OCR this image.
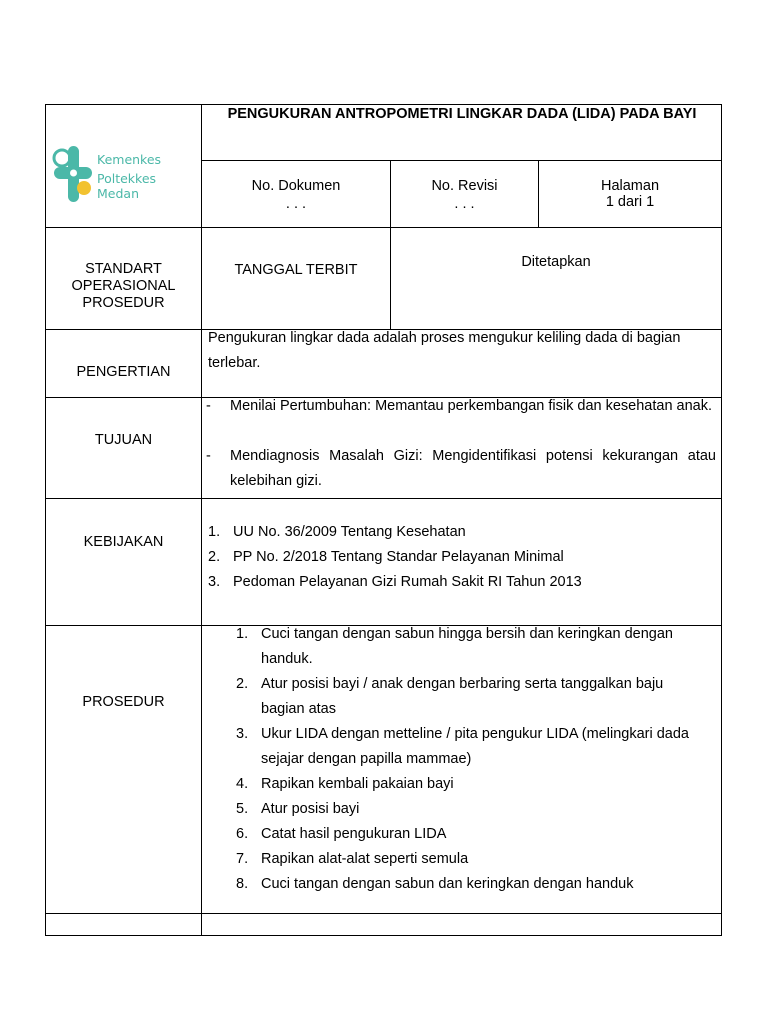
Kemenkes
Poltekkes Medan
PENGUKURAN ANTROPOMETRI LINGKAR DADA (LIDA) PADA BAYI
No. Dokumen
. . .
No. Revisi
. . .
Halaman
1 dari 1
STANDART
OPERASIONAL
PROSEDUR
TANGGAL TERBIT	Ditetapkan
PENGERTIAN
Pengukuran lingkar dada adalah proses mengukur keliling dada di bagian terlebar.
TUJUAN
- Menilai Pertumbuhan: Memantau perkembangan fisik dan kesehatan anak.
- Mendiagnosis Masalah Gizi: Mengidentifikasi potensi kekurangan atau kelebihan gizi.
KEBIJAKAN
1. UU No. 36/2009 Tentang Kesehatan
2. PP No. 2/2018 Tentang Standar Pelayanan Minimal
3. Pedoman Pelayanan Gizi Rumah Sakit RI Tahun 2013
PROSEDUR
1. Cuci tangan dengan sabun hingga bersih dan keringkan dengan handuk.
2. Atur posisi bayi / anak dengan berbaring serta tanggalkan baju bagian atas
3. Ukur LIDA dengan metteline / pita pengukur LIDA (melingkari dada sejajar dengan papilla mammae)
4. Rapikan kembali pakaian bayi
5. Atur posisi bayi
6. Catat hasil pengukuran LIDA
7. Rapikan alat-alat seperti semula
8. Cuci tangan dengan sabun dan keringkan dengan handuk
